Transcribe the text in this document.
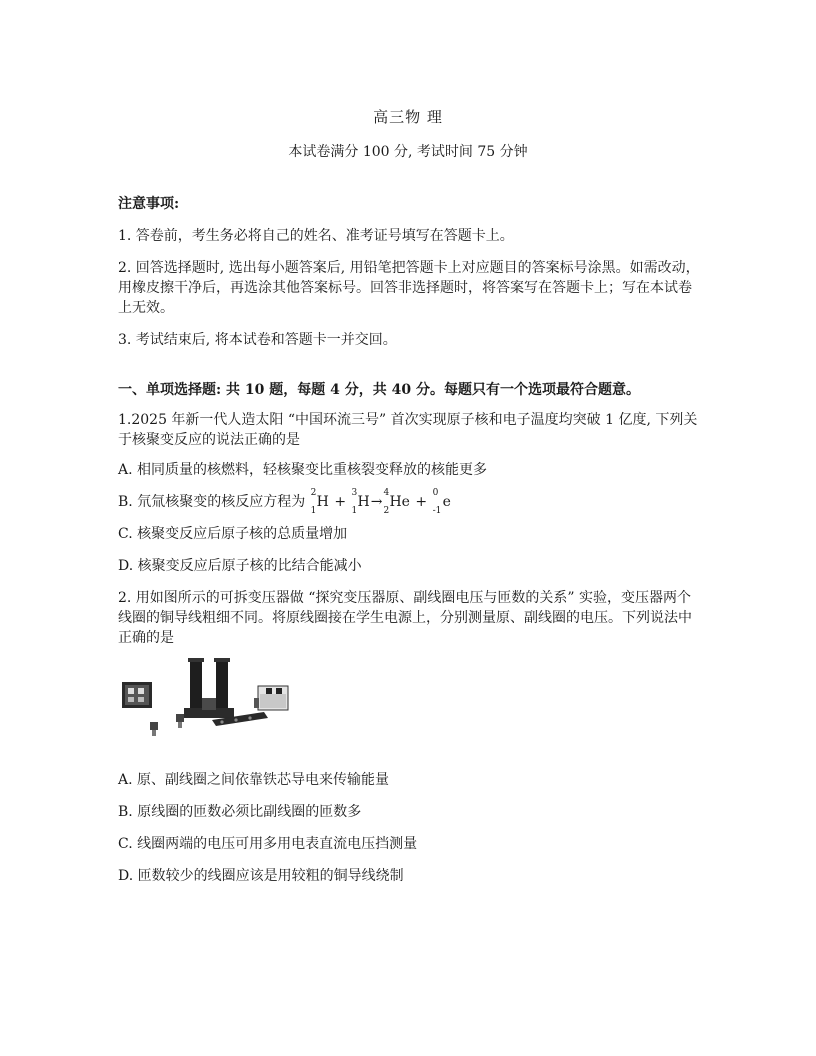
高三物 理
本试卷满分 100 分, 考试时间 75 分钟
注意事项:
1. 答卷前，考生务必将自己的姓名、准考证号填写在答题卡上。
2. 回答选择题时, 选出每小题答案后, 用铅笔把答题卡上对应题目的答案标号涂黑。如需改动，用橡皮擦干净后，再选涂其他答案标号。回答非选择题时，将答案写在答题卡上；写在本试卷上无效。
3. 考试结束后, 将本试卷和答题卡一并交回。
一、单项选择题: 共 10 题，每题 4 分，共 40 分。每题只有一个选项最符合题意。
1.2025 年新一代人造太阳 “中国环流三号” 首次实现原子核和电子温度均突破 1 亿度, 下列关于核聚变反应的说法正确的是
A. 相同质量的核燃料，轻核聚变比重核裂变释放的核能更多
B. 氘氚核聚变的核反应方程为
2
1
H +
3
1
H→
4
2
He +
0
-1
e
C. 核聚变反应后原子核的总质量增加
D. 核聚变反应后原子核的比结合能减小
2. 用如图所示的可拆变压器做 “探究变压器原、副线圈电压与匝数的关系” 实验，变压器两个线圈的铜导线粗细不同。将原线圈接在学生电源上，分别测量原、副线圈的电压。下列说法中正确的是
A. 原、副线圈之间依靠铁芯导电来传输能量
B. 原线圈的匝数必须比副线圈的匝数多
C. 线圈两端的电压可用多用电表直流电压挡测量
D. 匝数较少的线圈应该是用较粗的铜导线绕制
